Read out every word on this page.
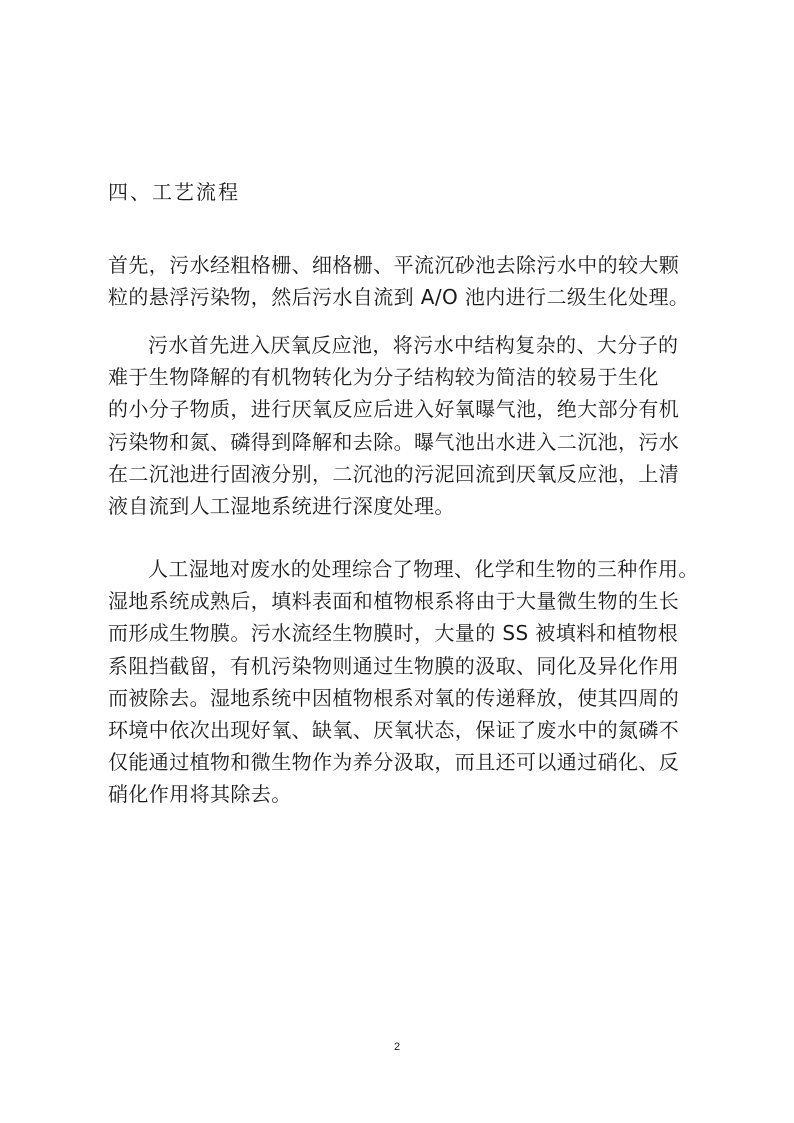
四、工艺流程
首先，污水经粗格栅、细格栅、平流沉砂池去除污水中的较大颗
粒的悬浮污染物，然后污水自流到 A/O 池内进行二级生化处理。
污水首先进入厌氧反应池，将污水中结构复杂的、大分子的
难于生物降解的有机物转化为分子结构较为简洁的较易于生化
的小分子物质，进行厌氧反应后进入好氧曝气池，绝大部分有机
污染物和氮、磷得到降解和去除。曝气池出水进入二沉池，污水
在二沉池进行固液分别，二沉池的污泥回流到厌氧反应池，上清
液自流到人工湿地系统进行深度处理。
人工湿地对废水的处理综合了物理、化学和生物的三种作用。
湿地系统成熟后，填料表面和植物根系将由于大量微生物的生长
而形成生物膜。污水流经生物膜时，大量的 SS 被填料和植物根
系阻挡截留，有机污染物则通过生物膜的汲取、同化及异化作用
而被除去。湿地系统中因植物根系对氧的传递释放，使其四周的
环境中依次出现好氧、缺氧、厌氧状态，保证了废水中的氮磷不
仅能通过植物和微生物作为养分汲取，而且还可以通过硝化、反
硝化作用将其除去。
2
